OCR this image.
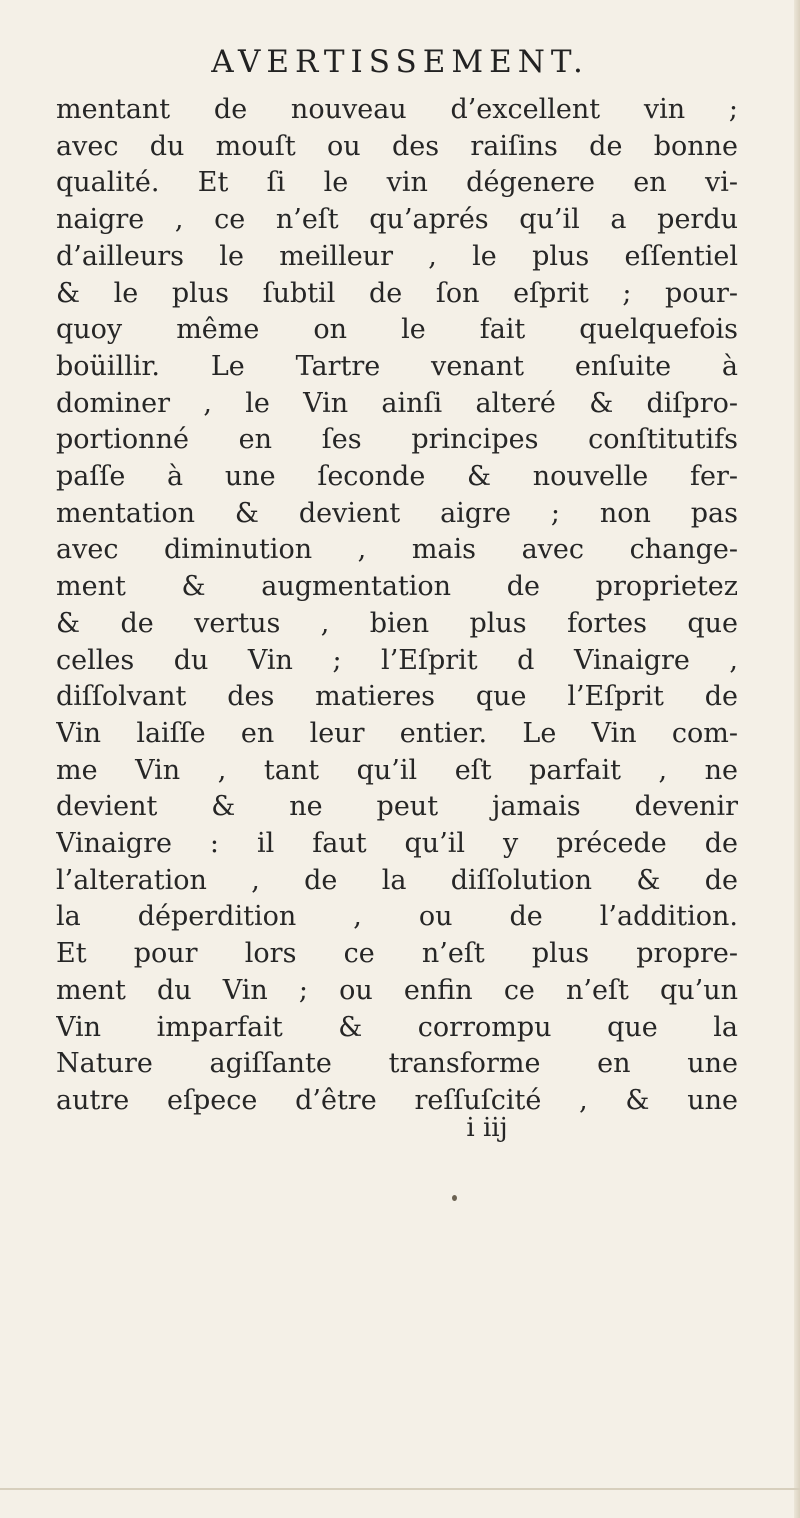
AVERTISSEMENT.
mentant de nouveau d’excellent vin ;
avec du mouſt ou des raiſins de bonne
qualité. Et ſi le vin dégenere en vi-
naigre , ce n’eſt qu’aprés qu’il a perdu
d’ailleurs le meilleur , le plus eſſentiel
& le plus ſubtil de ſon eſprit ; pour-
quoy même on le fait quelquefois
boüillir. Le Tartre venant enſuite à
dominer , le Vin ainſi alteré & diſpro-
portionné en ſes principes conſtitutifs
paſſe à une ſeconde & nouvelle fer-
mentation & devient aigre ; non pas
avec diminution , mais avec change-
ment & augmentation de proprietez
& de vertus , bien plus fortes que
celles du Vin ; l’Eſprit d Vinaigre ,
diſſolvant des matieres que l’Eſprit de
Vin laiſſe en leur entier. Le Vin com-
me Vin , tant qu’il eſt parfait , ne
devient & ne peut jamais devenir
Vinaigre : il faut qu’il y précede de
l’alteration , de la diſſolution & de
la déperdition , ou de l’addition.
Et pour lors ce n’eſt plus propre-
ment du Vin ; ou enfin ce n’eſt qu’un
Vin imparfait & corrompu que la
Nature agiſſante transforme en une
autre eſpece d’être reſſuſcité , & une
i iij
